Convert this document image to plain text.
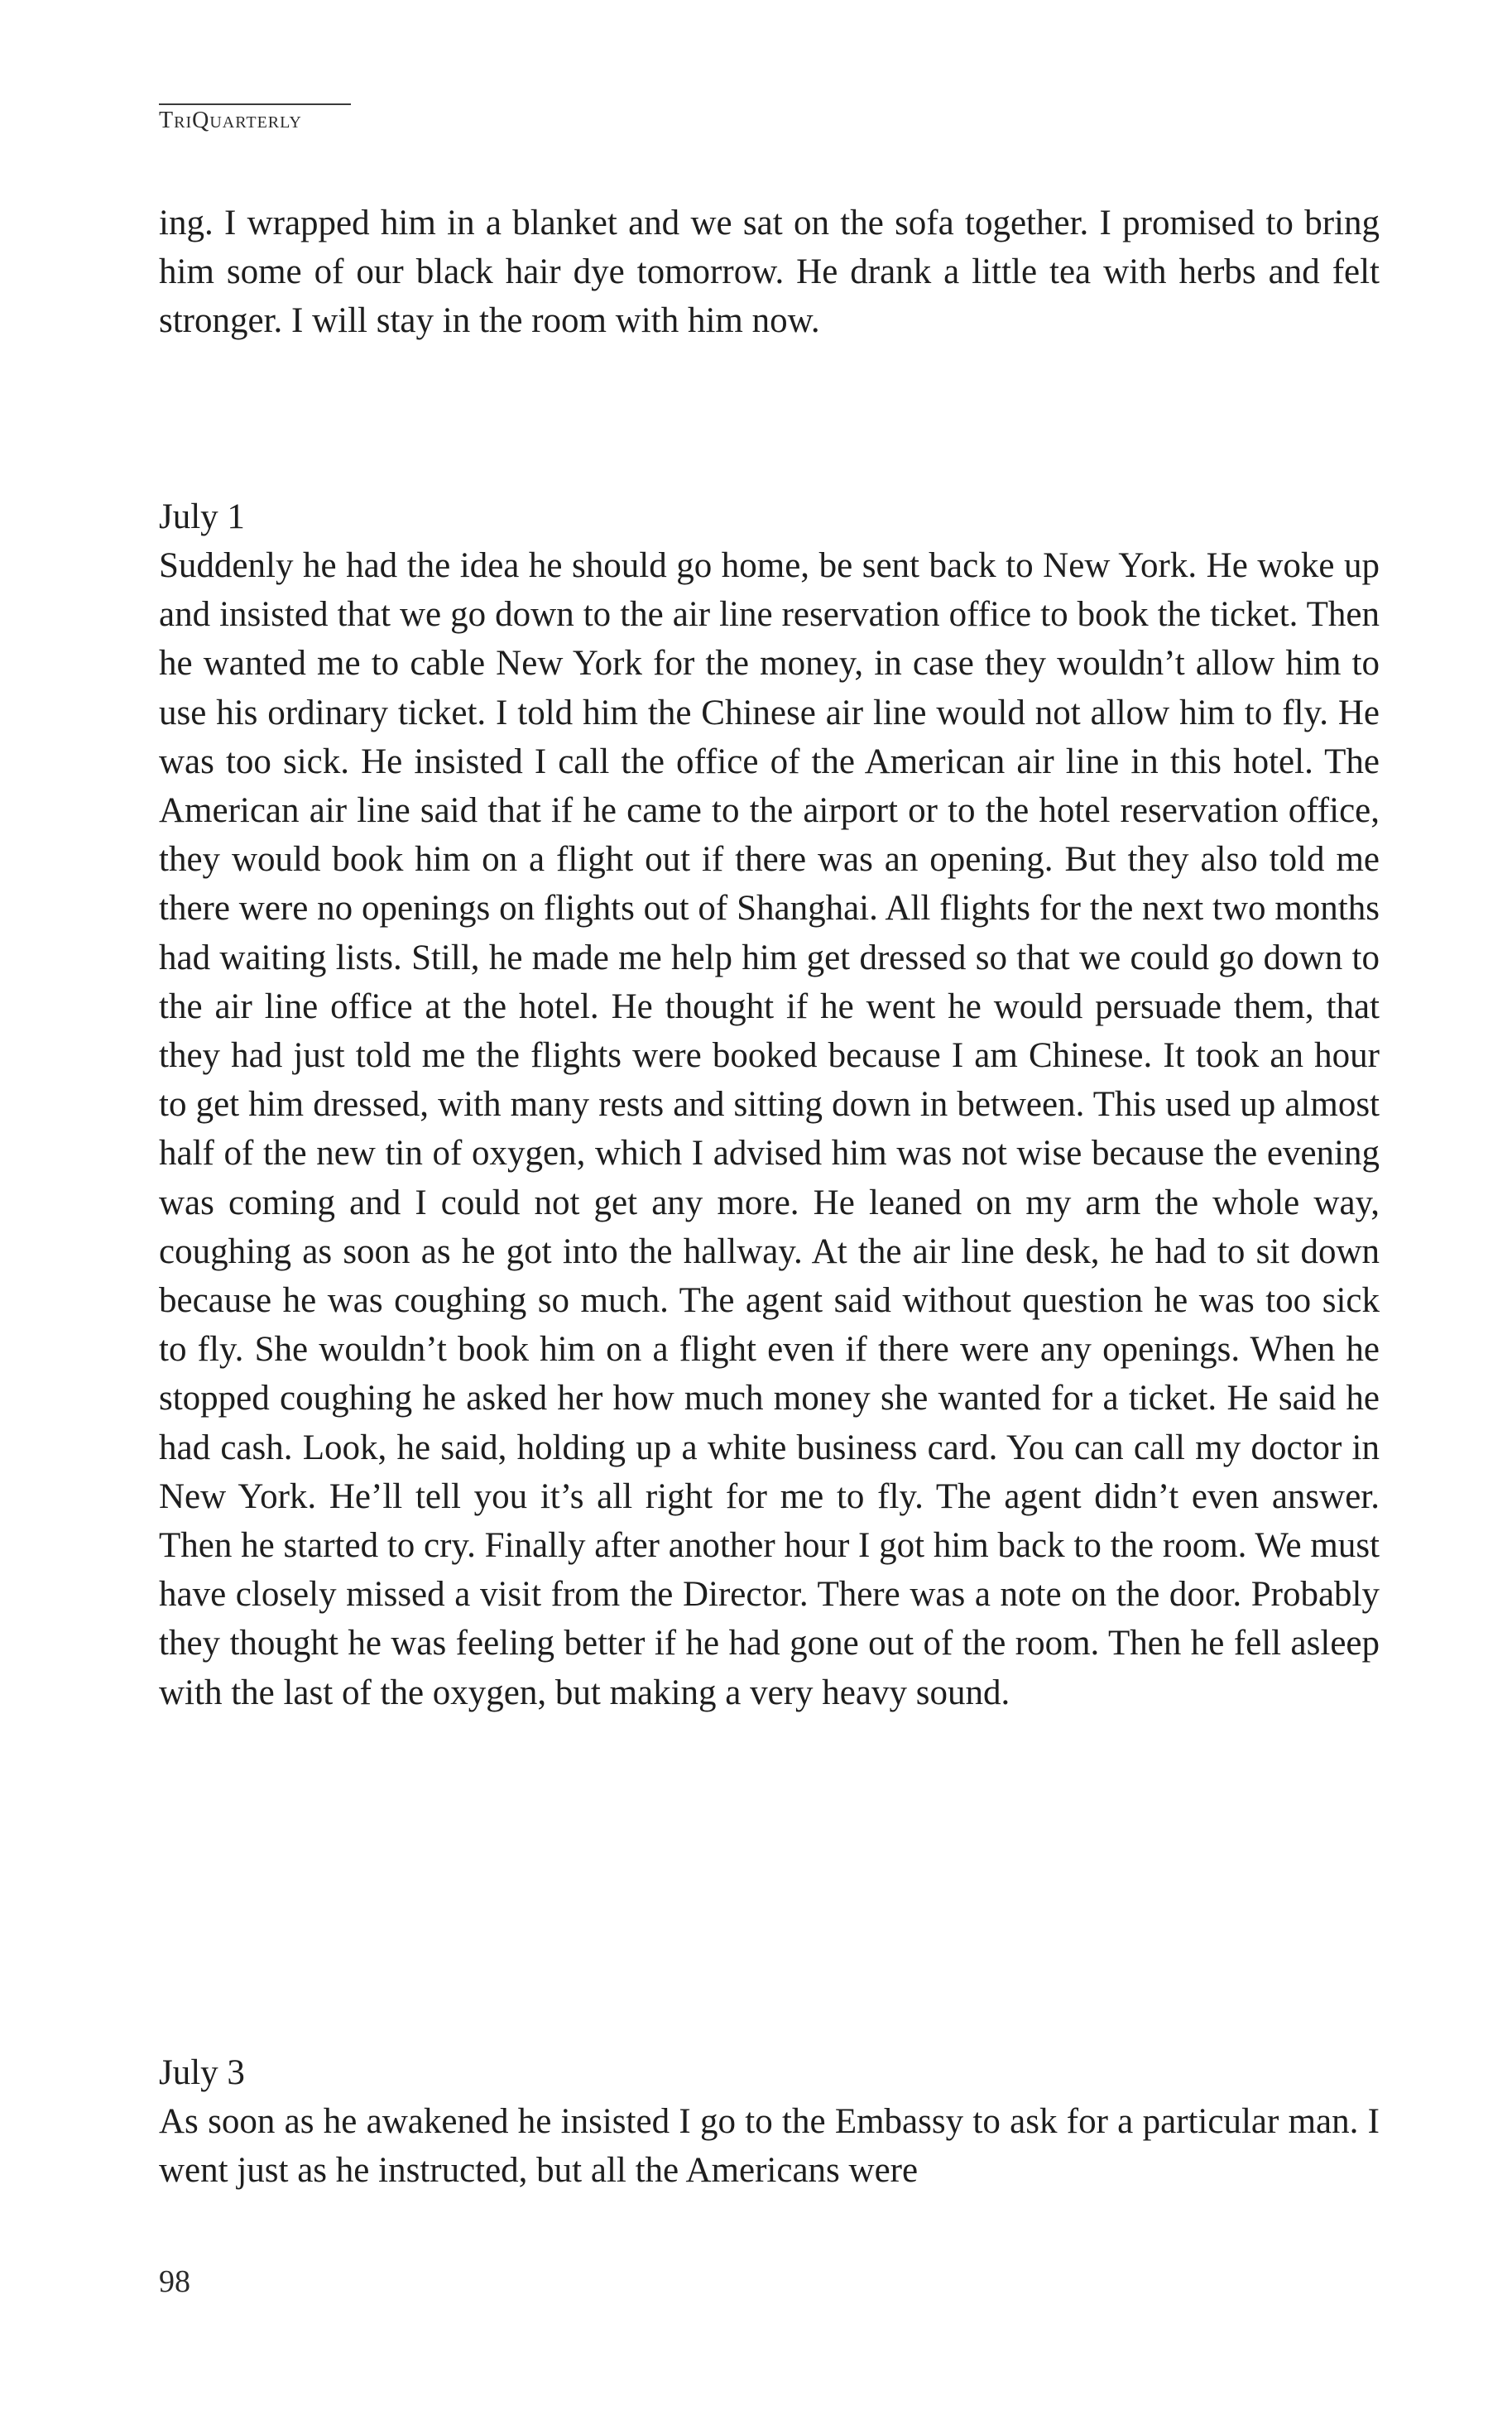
TriQuarterly

ing. I wrapped him in a blanket and we sat on the sofa together. I promised to bring him some of our black hair dye tomorrow. He drank a little tea with herbs and felt stronger. I will stay in the room with him now.

July 1

Suddenly he had the idea he should go home, be sent back to New York. He woke up and insisted that we go down to the air line reservation office to book the ticket. Then he wanted me to cable New York for the money, in case they wouldn’t allow him to use his ordinary ticket. I told him the Chinese air line would not allow him to fly. He was too sick. He insisted I call the office of the American air line in this hotel. The American air line said that if he came to the airport or to the hotel reservation office, they would book him on a flight out if there was an opening. But they also told me there were no openings on flights out of Shanghai. All flights for the next two months had waiting lists. Still, he made me help him get dressed so that we could go down to the air line office at the hotel. He thought if he went he would persuade them, that they had just told me the flights were booked because I am Chinese. It took an hour to get him dressed, with many rests and sitting down in between. This used up almost half of the new tin of oxygen, which I advised him was not wise because the evening was coming and I could not get any more. He leaned on my arm the whole way, coughing as soon as he got into the hallway. At the air line desk, he had to sit down because he was coughing so much. The agent said without question he was too sick to fly. She wouldn’t book him on a flight even if there were any openings. When he stopped coughing he asked her how much money she wanted for a ticket. He said he had cash. Look, he said, holding up a white business card. You can call my doctor in New York. He’ll tell you it’s all right for me to fly. The agent didn’t even answer. Then he started to cry. Finally after another hour I got him back to the room. We must have closely missed a visit from the Director. There was a note on the door. Probably they thought he was feeling better if he had gone out of the room. Then he fell asleep with the last of the oxygen, but making a very heavy sound.

July 3

As soon as he awakened he insisted I go to the Embassy to ask for a particular man. I went just as he instructed, but all the Americans were

98
